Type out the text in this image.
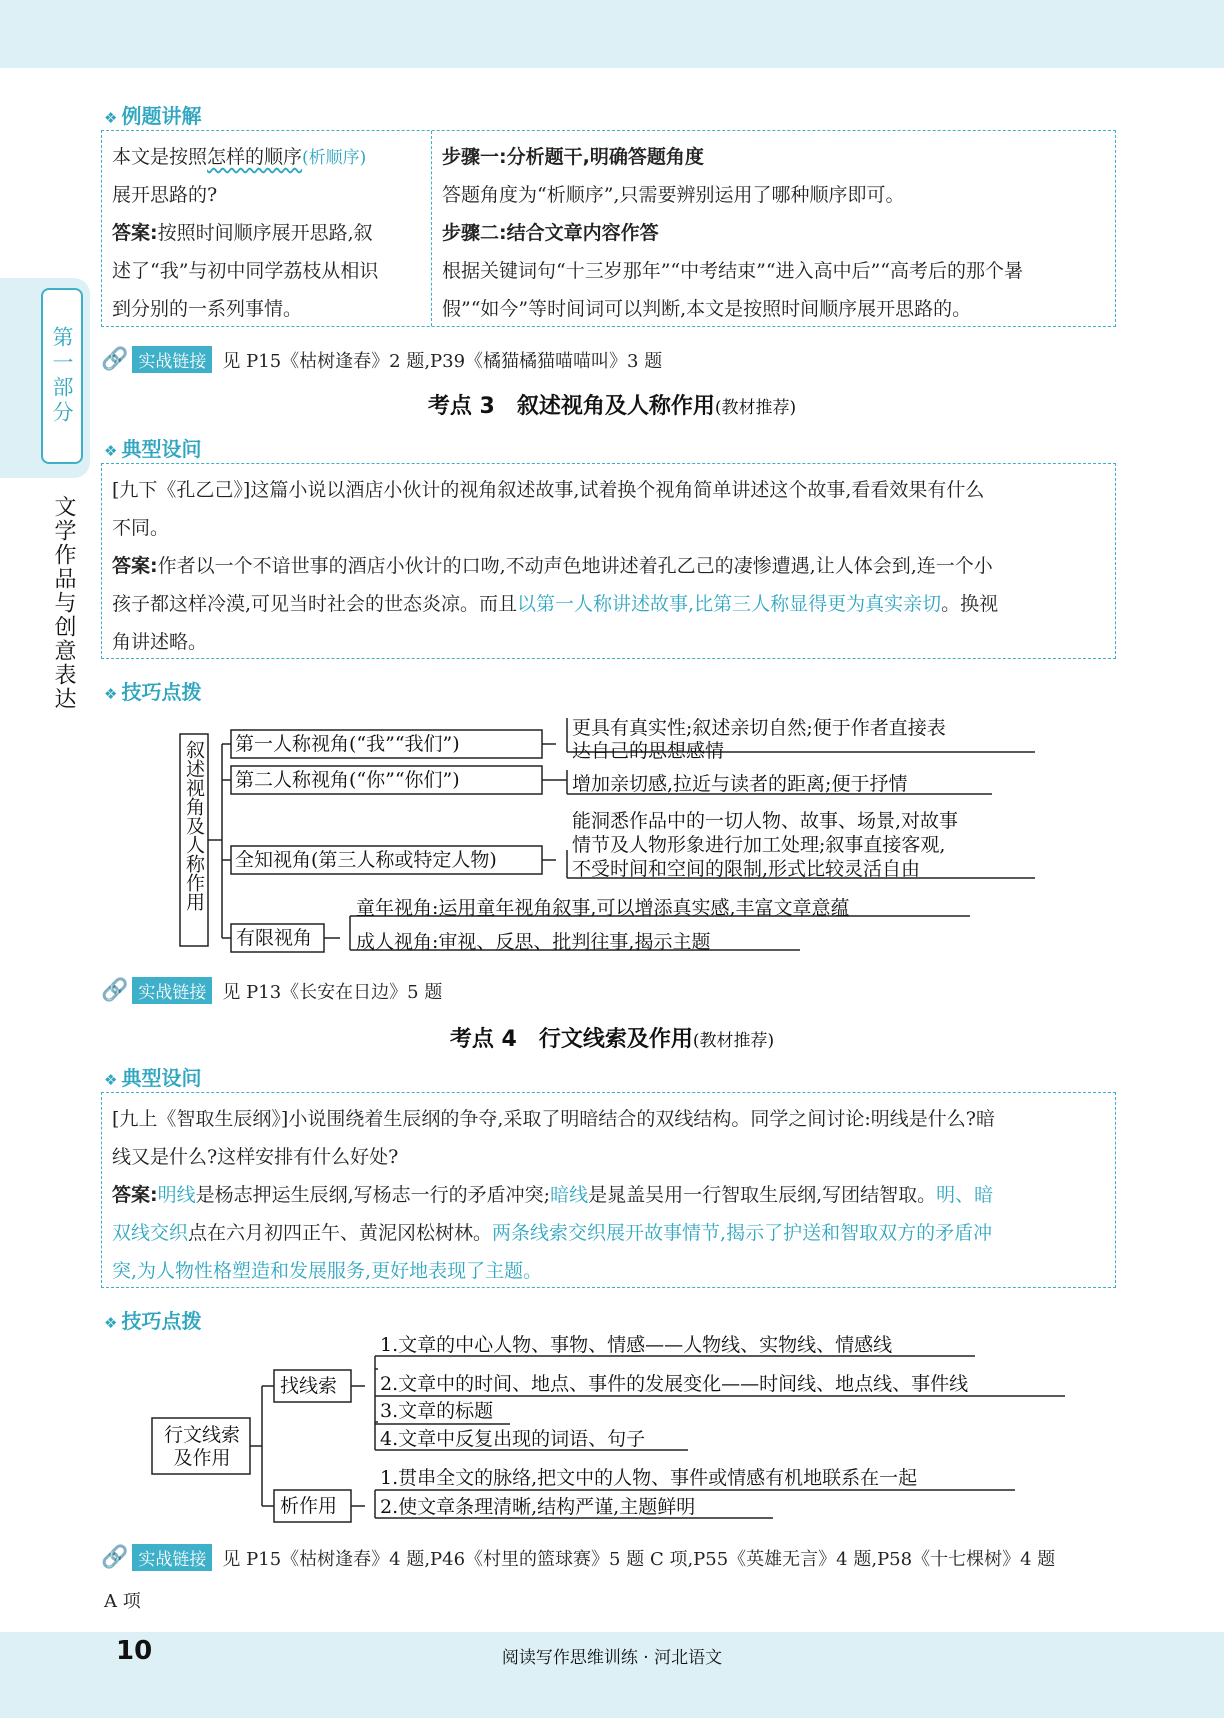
第一部分
文学作品与创意表达
❖ 例题讲解
本文是按照怎样的顺序(析顺序)
展开思路的?
答案:按照时间顺序展开思路,叙
述了“我”与初中同学荔枝从相识
到分别的一系列事情。
步骤一:分析题干,明确答题角度
答题角度为“析顺序”,只需要辨别运用了哪种顺序即可。
步骤二:结合文章内容作答
根据关键词句“十三岁那年”“中考结束”“进入高中后”“高考后的那个暑
假”“如今”等时间词可以判断,本文是按照时间顺序展开思路的。
🔗 实战链接 见 P15《枯树逢春》2 题,P39《橘猫橘猫喵喵叫》3 题
考点 3　叙述视角及人称作用(教材推荐)
❖ 典型设问
[九下《孔乙己》]这篇小说以酒店小伙计的视角叙述故事,试着换个视角简单讲述这个故事,看看效果有什么
不同。
答案:作者以一个不谙世事的酒店小伙计的口吻,不动声色地讲述着孔乙己的凄惨遭遇,让人体会到,连一个小
孩子都这样冷漠,可见当时社会的世态炎凉。而且以第一人称讲述故事,比第三人称显得更为真实亲切。换视
角讲述略。
❖ 技巧点拨
叙述视角及人称作用 第一人称视角(“我”“我们”)
更具有真实性;叙述亲切自然;便于作者直接表
达自己的思想感情
第二人称视角(“你”“你们”)	增加亲切感,拉近与读者的距离;便于抒情
全知视角(第三人称或特定人物)
能洞悉作品中的一切人物、故事、场景,对故事
情节及人物形象进行加工处理;叙事直接客观,
不受时间和空间的限制,形式比较灵活自由
有限视角
童年视角:运用童年视角叙事,可以增添真实感,丰富文章意蕴
成人视角:审视、反思、批判往事,揭示主题
🔗 实战链接 见 P13《长安在日边》5 题
考点 4　行文线索及作用(教材推荐)
❖ 典型设问
[九上《智取生辰纲》]小说围绕着生辰纲的争夺,采取了明暗结合的双线结构。同学之间讨论:明线是什么?暗
线又是什么?这样安排有什么好处?
答案:明线是杨志押运生辰纲,写杨志一行的矛盾冲突;暗线是晁盖吴用一行智取生辰纲,写团结智取。明、暗
双线交织点在六月初四正午、黄泥冈松树林。两条线索交织展开故事情节,揭示了护送和智取双方的矛盾冲
突,为人物性格塑造和发展服务,更好地表现了主题。
❖ 技巧点拨
行文线索
及作用
找线索
1.文章的中心人物、事物、情感——人物线、实物线、情感线
2.文章中的时间、地点、事件的发展变化——时间线、地点线、事件线
3.文章的标题
4.文章中反复出现的词语、句子
析作用
1.贯串全文的脉络,把文中的人物、事件或情感有机地联系在一起
2.使文章条理清晰,结构严谨,主题鲜明
🔗 实战链接 见 P15《枯树逢春》4 题,P46《村里的篮球赛》5 题 C 项,P55《英雄无言》4 题,P58《十七棵树》4 题
A 项
10	阅读写作思维训练 · 河北语文
